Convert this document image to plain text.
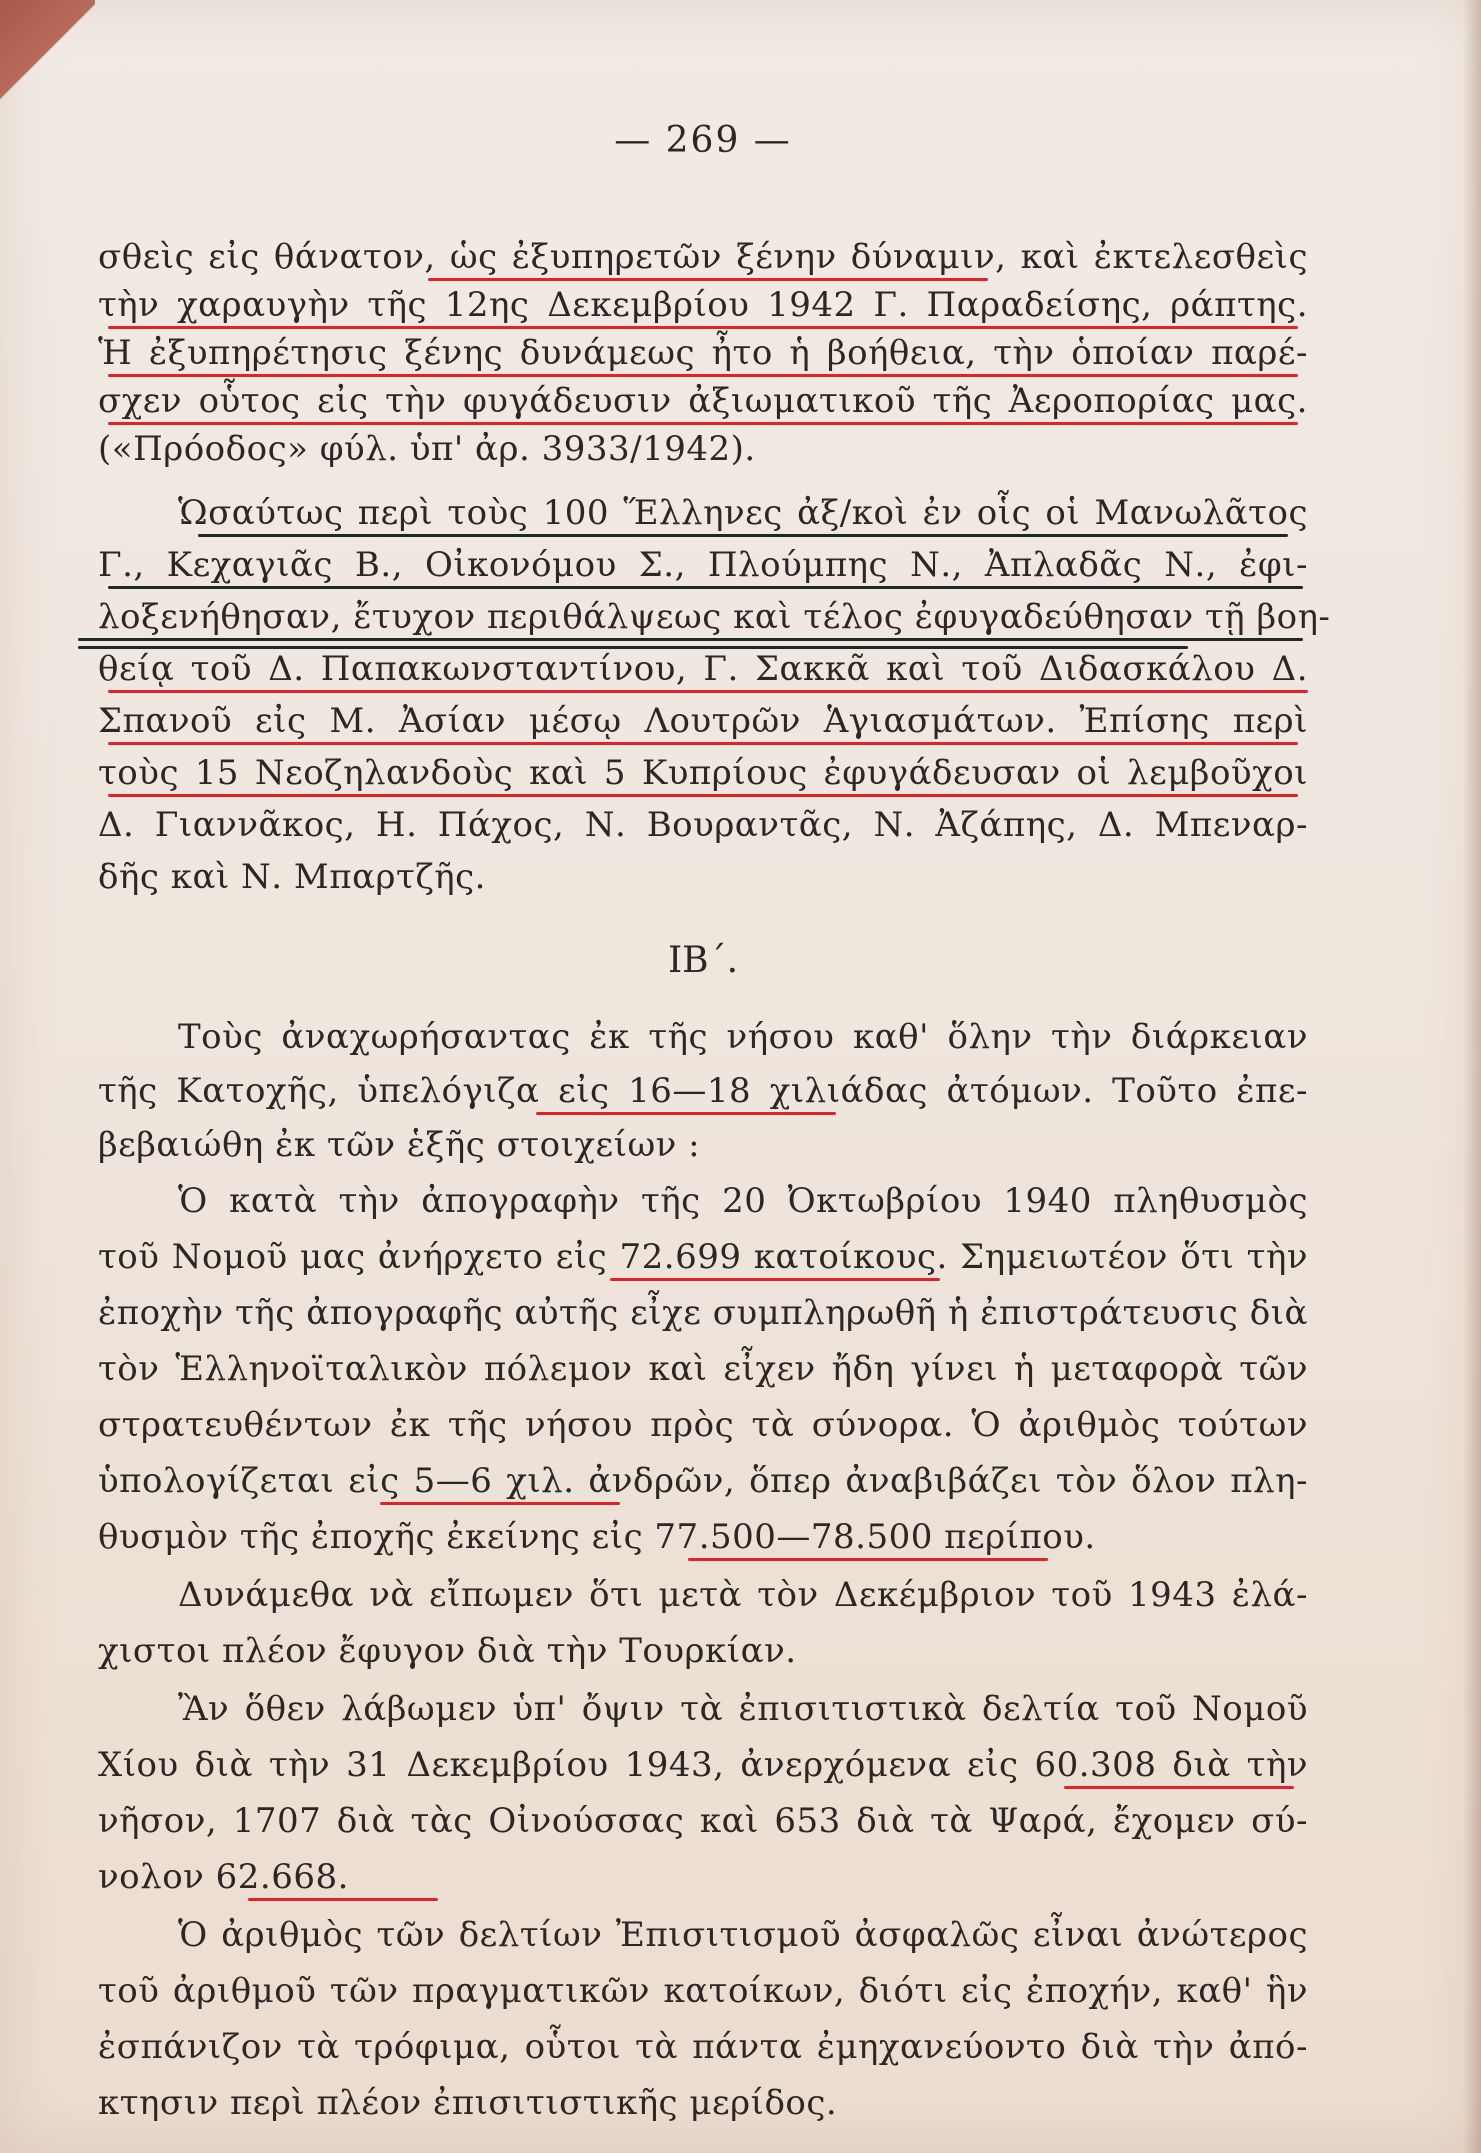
— 269 —
σθεὶς εἰς θάνατον, ὡς ἐξυπηρετῶν ξένην δύναμιν, καὶ ἐκτελεσθεὶς
τὴν χαραυγὴν τῆς 12ης Δεκεμβρίου 1942 Γ. Παραδείσης, ράπτης.
Ἡ ἐξυπηρέτησις ξένης δυνάμεως ἦτο ἡ βοήθεια, τὴν ὁποίαν παρέ-
σχεν οὗτος εἰς τὴν φυγάδευσιν ἀξιωματικοῦ τῆς Ἀεροπορίας μας.
(«Πρόοδος» φύλ. ὑπ' ἀρ. 3933/1942).
Ὡσαύτως περὶ τοὺς 100 Ἕλληνες ἀξ/κοὶ ἐν οἷς οἱ Μανωλᾶτος
Γ., Κεχαγιᾶς Β., Οἰκονόμου Σ., Πλούμπης Ν., Ἀπλαδᾶς Ν., ἐφι-
λοξενήθησαν, ἔτυχον περιθάλψεως καὶ τέλος ἐφυγαδεύθησαν τῇ βοη-
θείᾳ τοῦ Δ. Παπακωνσταντίνου, Γ. Σακκᾶ καὶ τοῦ Διδασκάλου Δ.
Σπανοῦ εἰς Μ. Ἀσίαν μέσῳ Λουτρῶν Ἁγιασμάτων. Ἐπίσης περὶ
τοὺς 15 Νεοζηλανδοὺς καὶ 5 Κυπρίους ἐφυγάδευσαν οἱ λεμβοῦχοι
Δ. Γιαννᾶκος, Η. Πάχος, Ν. Βουραντᾶς, Ν. Ἀζάπης, Δ. Μπεναρ-
δῆς καὶ Ν. Μπαρτζῆς.
ΙΒ΄.
Τοὺς ἀναχωρήσαντας ἐκ τῆς νήσου καθ' ὅλην τὴν διάρκειαν
τῆς Κατοχῆς, ὑπελόγιζα εἰς 16—18 χιλιάδας ἀτόμων. Τοῦτο ἐπε-
βεβαιώθη ἐκ τῶν ἑξῆς στοιχείων :
Ὁ κατὰ τὴν ἀπογραφὴν τῆς 20 Ὀκτωβρίου 1940 πληθυσμὸς
τοῦ Νομοῦ μας ἀνήρχετο εἰς 72.699 κατοίκους. Σημειωτέον ὅτι τὴν
ἐποχὴν τῆς ἀπογραφῆς αὐτῆς εἶχε συμπληρωθῆ ἡ ἐπιστράτευσις διὰ
τὸν Ἑλληνοϊταλικὸν πόλεμον καὶ εἶχεν ἤδη γίνει ἡ μεταφορὰ τῶν
στρατευθέντων ἐκ τῆς νήσου πρὸς τὰ σύνορα. Ὁ ἀριθμὸς τούτων
ὑπολογίζεται εἰς 5—6 χιλ. ἀνδρῶν, ὅπερ ἀναβιβάζει τὸν ὅλον πλη-
θυσμὸν τῆς ἐποχῆς ἐκείνης εἰς 77.500—78.500 περίπου.
Δυνάμεθα νὰ εἴπωμεν ὅτι μετὰ τὸν Δεκέμβριον τοῦ 1943 ἐλά-
χιστοι πλέον ἔφυγον διὰ τὴν Τουρκίαν.
Ἂν ὅθεν λάβωμεν ὑπ' ὄψιν τὰ ἐπισιτιστικὰ δελτία τοῦ Νομοῦ
Χίου διὰ τὴν 31 Δεκεμβρίου 1943, ἀνερχόμενα εἰς 60.308 διὰ τὴν
νῆσον, 1707 διὰ τὰς Οἰνούσσας καὶ 653 διὰ τὰ Ψαρά, ἔχομεν σύ-
νολον 62.668.
Ὁ ἀριθμὸς τῶν δελτίων Ἐπισιτισμοῦ ἀσφαλῶς εἶναι ἀνώτερος
τοῦ ἀριθμοῦ τῶν πραγματικῶν κατοίκων, διότι εἰς ἐποχήν, καθ' ἣν
ἐσπάνιζον τὰ τρόφιμα, οὗτοι τὰ πάντα ἐμηχανεύοντο διὰ τὴν ἀπό-
κτησιν περὶ πλέον ἐπισιτιστικῆς μερίδος.
